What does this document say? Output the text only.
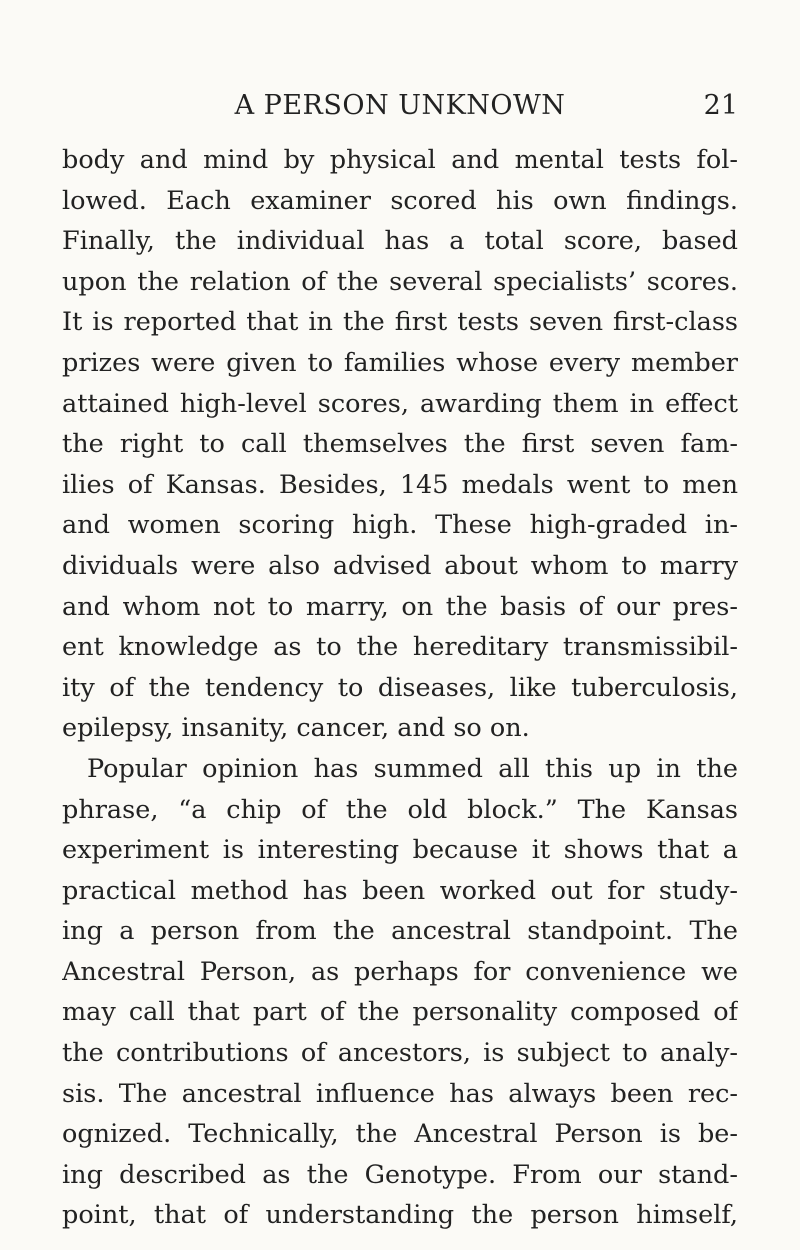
A PERSON UNKNOWN	21
body and mind by physical and mental tests fol-
lowed. Each examiner scored his own findings.
Finally, the individual has a total score, based
upon the relation of the several specialists’ scores.
It is reported that in the first tests seven first-class
prizes were given to families whose every member
attained high-level scores, awarding them in effect
the right to call themselves the first seven fam-
ilies of Kansas. Besides, 145 medals went to men
and women scoring high. These high-graded in-
dividuals were also advised about whom to marry
and whom not to marry, on the basis of our pres-
ent knowledge as to the hereditary transmissibil-
ity of the tendency to diseases, like tuberculosis,
epilepsy, insanity, cancer, and so on.
Popular opinion has summed all this up in the
phrase, “a chip of the old block.” The Kansas
experiment is interesting because it shows that a
practical method has been worked out for study-
ing a person from the ancestral standpoint. The
Ancestral Person, as perhaps for convenience we
may call that part of the personality composed of
the contributions of ancestors, is subject to analy-
sis. The ancestral influence has always been rec-
ognized. Technically, the Ancestral Person is be-
ing described as the Genotype. From our stand-
point, that of understanding the person himself,
